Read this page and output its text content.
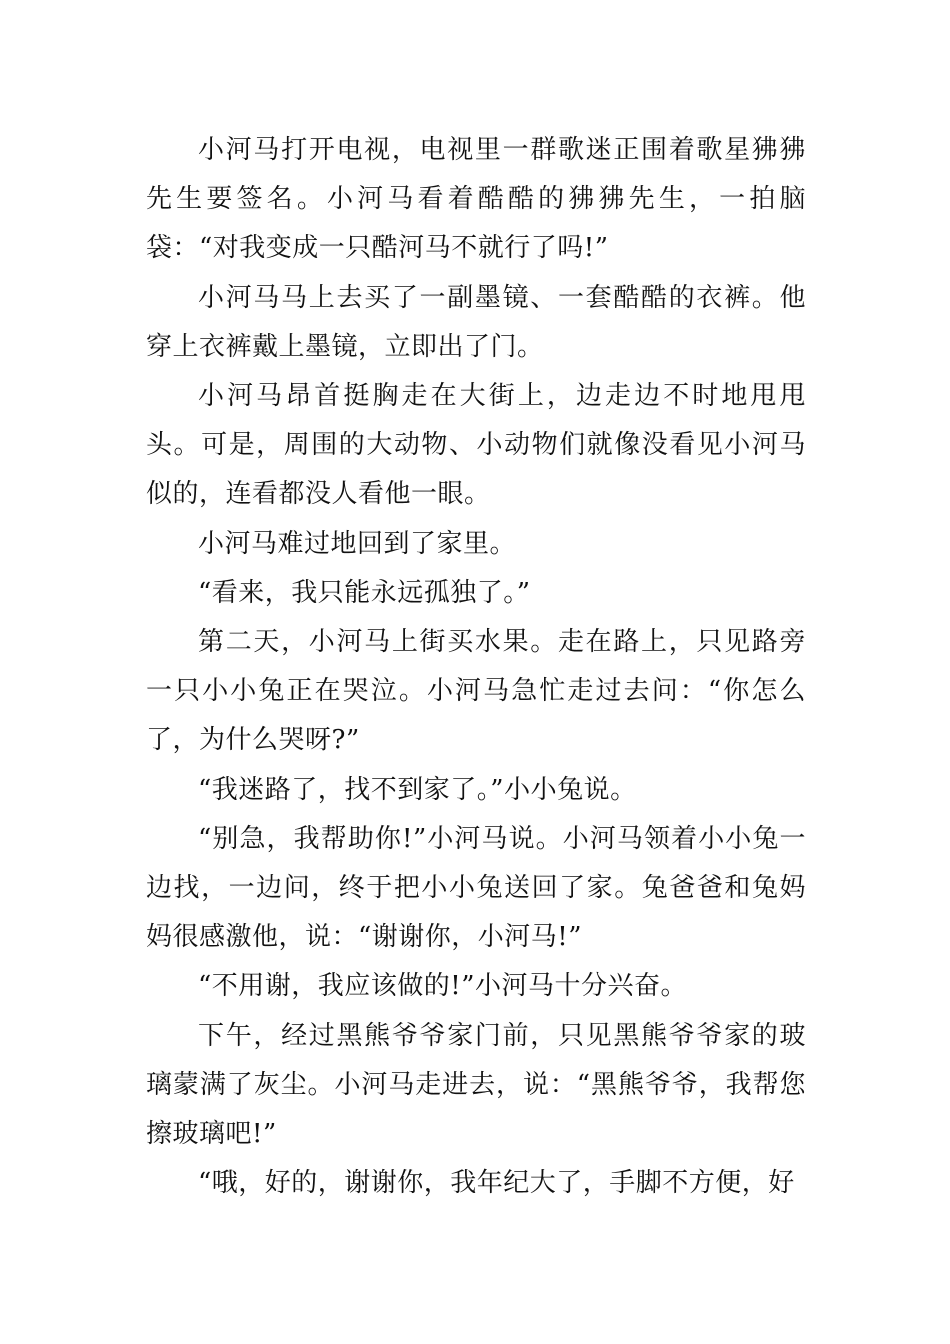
小河马打开电视，电视里一群歌迷正围着歌星狒狒先生要签名。小河马看着酷酷的狒狒先生，一拍脑袋：“对我变成一只酷河马不就行了吗!”

小河马马上去买了一副墨镜、一套酷酷的衣裤。他穿上衣裤戴上墨镜，立即出了门。

小河马昂首挺胸走在大街上，边走边不时地甩甩头。可是，周围的大动物、小动物们就像没看见小河马似的，连看都没人看他一眼。

小河马难过地回到了家里。

“看来，我只能永远孤独了。”

第二天，小河马上街买水果。走在路上，只见路旁一只小小兔正在哭泣。小河马急忙走过去问：“你怎么了，为什么哭呀?”

“我迷路了，找不到家了。”小小兔说。

“别急，我帮助你!”小河马说。小河马领着小小兔一边找，一边问，终于把小小兔送回了家。兔爸爸和兔妈妈很感激他，说：“谢谢你，小河马!”

“不用谢，我应该做的!”小河马十分兴奋。

下午，经过黑熊爷爷家门前，只见黑熊爷爷家的玻璃蒙满了灰尘。小河马走进去，说：“黑熊爷爷，我帮您擦玻璃吧!”

“哦，好的，谢谢你，我年纪大了，手脚不方便，好
